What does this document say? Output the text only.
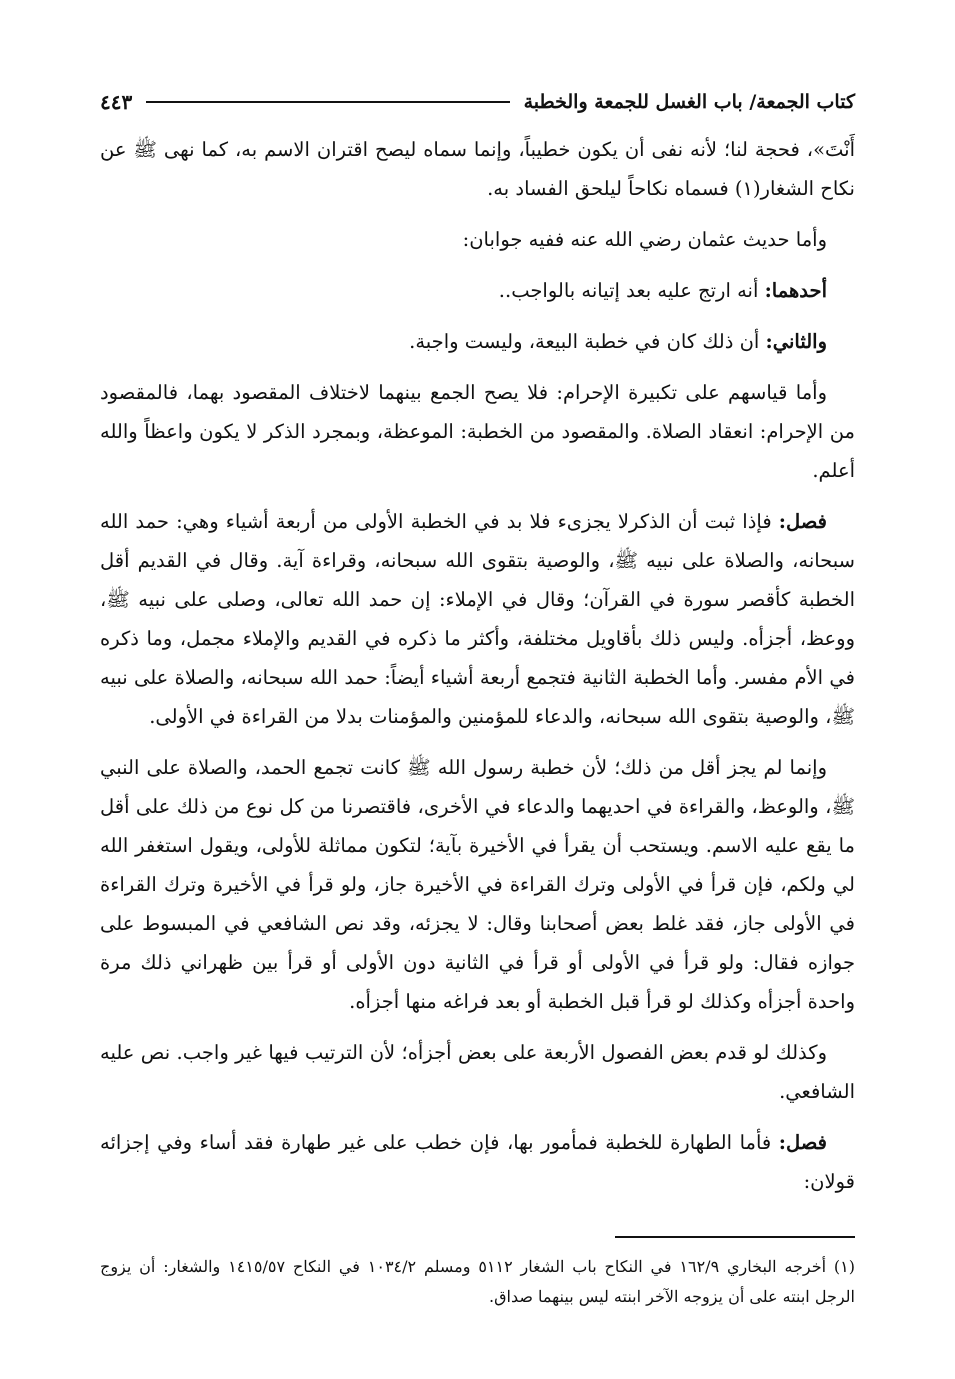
كتاب الجمعة/ باب الغسل للجمعة والخطبة
٤٤٣

أَنْتَ»، فحجة لنا؛ لأنه نفى أن يكون خطيباً، وإنما سماه ليصح اقتران الاسم به، كما نهى ﷺ عن نكاح الشغار(١) فسماه نكاحاً ليلحق الفساد به.

وأما حديث عثمان رضي الله عنه ففيه جوابان:

أحدهما: أنه ارتج عليه بعد إتيانه بالواجب..

والثاني: أن ذلك كان في خطبة البيعة، وليست واجبة.

وأما قياسهم على تكبيرة الإحرام: فلا يصح الجمع بينهما لاختلاف المقصود بهما، فالمقصود من الإحرام: انعقاد الصلاة. والمقصود من الخطبة: الموعظة، وبمجرد الذكر لا يكون واعظاً والله أعلم.

فصل: فإذا ثبت أن الذكرلا يجزىء فلا بد في الخطبة الأولى من أربعة أشياء وهي: حمد الله سبحانه، والصلاة على نبيه ﷺ، والوصية بتقوى الله سبحانه، وقراءة آية. وقال في القديم أقل الخطبة كأقصر سورة في القرآن؛ وقال في الإملاء: إن حمد الله تعالى، وصلى على نبيه ﷺ، ووعظ، أجزأه. وليس ذلك بأقاويل مختلفة، وأكثر ما ذكره في القديم والإملاء مجمل، وما ذكره في الأم مفسر. وأما الخطبة الثانية فتجمع أربعة أشياء أيضاً: حمد الله سبحانه، والصلاة على نبيه ﷺ، والوصية بتقوى الله سبحانه، والدعاء للمؤمنين والمؤمنات بدلا من القراءة في الأولى.

وإنما لم يجز أقل من ذلك؛ لأن خطبة رسول الله ﷺ كانت تجمع الحمد، والصلاة على النبي ﷺ، والوعظ، والقراءة في احديهما والدعاء في الأخرى، فاقتصرنا من كل نوع من ذلك على أقل ما يقع عليه الاسم. ويستحب أن يقرأ في الأخيرة بآية؛ لتكون مماثلة للأولى، ويقول استغفر الله لي ولكم، فإن قرأ في الأولى وترك القراءة في الأخيرة جاز، ولو قرأ في الأخيرة وترك القراءة في الأولى جاز، فقد غلط بعض أصحابنا وقال: لا يجزئه، وقد نص الشافعي في المبسوط على جوازه فقال: ولو قرأ في الأولى أو قرأ في الثانية دون الأولى أو قرأ بين ظهراني ذلك مرة واحدة أجزأه وكذلك لو قرأ قبل الخطبة أو بعد فراغه منها أجزأه.

وكذلك لو قدم بعض الفصول الأربعة على بعض أجزأه؛ لأن الترتيب فيها غير واجب. نص عليه الشافعي.

فصل: فأما الطهارة للخطبة فمأمور بها، فإن خطب على غير طهارة فقد أساء وفي إجزائه قولان:

(١) أخرجه البخاري ١٦٢/٩ في النكاح باب الشغار ٥١١٢ ومسلم ١٠٣٤/٢ في النكاح ١٤١٥/٥٧ والشغار: أن يزوج الرجل ابنته على أن يزوجه الآخر ابنته ليس بينهما صداق.
